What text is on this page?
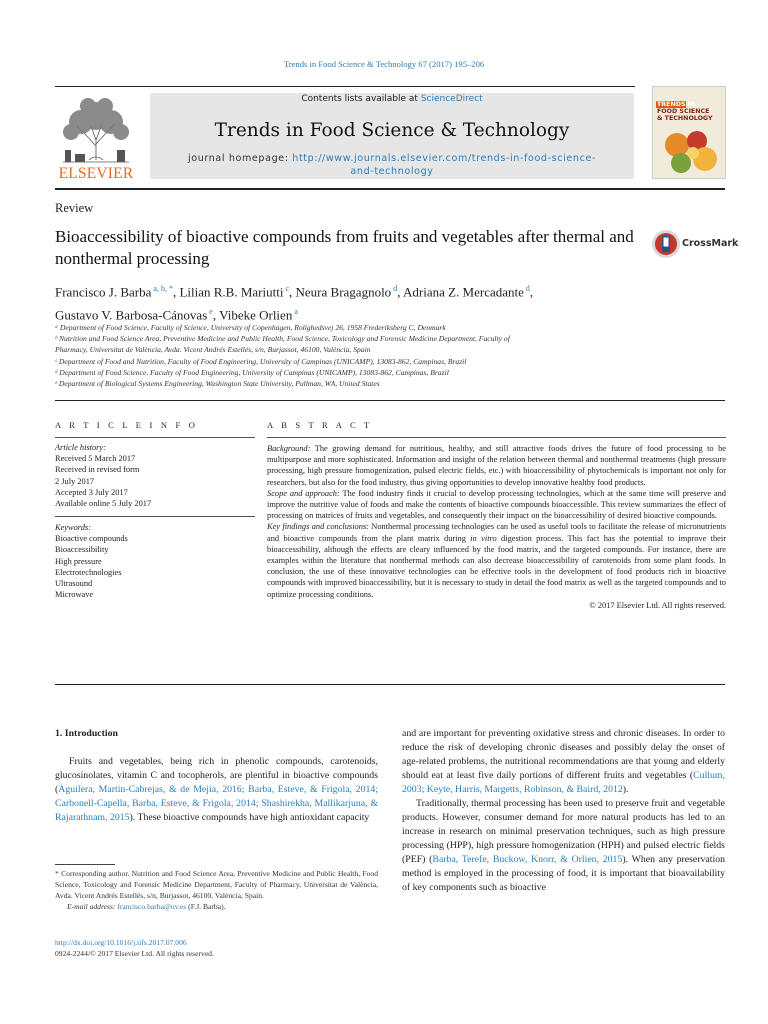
Trends in Food Science & Technology 67 (2017) 195–206
ELSEVIER
Contents lists available at ScienceDirect
Trends in Food Science & Technology
journal homepage: http://www.journals.elsevier.com/trends-in-food-science-
and-technology
TRENDS IN
FOOD SCIENCE
& TECHNOLOGY
Review
Bioaccessibility of bioactive compounds from fruits and vegetables after thermal and nonthermal processing
CrossMark
Francisco J. Barba $^{a, b, *}$, Lilian R.B. Mariutti $^c$, Neura Bragagnolo $^d$, Adriana Z. Mercadante $^d$,
Gustavo V. Barbosa-Cánovas $^e$, Vibeke Orlien $^a$
ᵃ Department of Food Science, Faculty of Science, University of Copenhagen, Rolighedsvej 26, 1958 Frederiksberg C, Denmark
ᵇ Nutrition and Food Science Area, Preventive Medicine and Public Health, Food Science, Toxicology and Forensic Medicine Department, Faculty of
Pharmacy, Universitat de València, Avda. Vicent Andrés Estellés, s/n, Burjassot, 46100, València, Spain
ᶜ Department of Food and Nutrition, Faculty of Food Engineering, University of Campinas (UNICAMP), 13083-862, Campinas, Brazil
ᵈ Department of Food Science, Faculty of Food Engineering, University of Campinas (UNICAMP), 13083-862, Campinas, Brazil
ᵉ Department of Biological Systems Engineering, Washington State University, Pullman, WA, United States
A R T I C L E I N F O	A B S T R A C T
Article history:
Received 5 March 2017
Received in revised form
2 July 2017
Accepted 3 July 2017
Available online 5 July 2017
Keywords:
Bioactive compounds
Bioaccessibility
High pressure
Electrotechnologies
Ultrasound
Microwave

Background: The growing demand for nutritious, healthy, and still attractive foods drives the future of food processing to be multipurpose and more sophisticated. Information and insight of the relation between thermal and nonthermal treatments (high pressure processing, high pressure homogenization, pulsed electric fields, etc.) with bioaccessibility of phytochemicals is important not only for researchers, but also for the food industry, thus giving opportunities to develop innovative healthy food products.

Scope and approach: The food industry finds it crucial to develop processing technologies, which at the same time will preserve and improve the nutritive value of foods and make the contents of bioactive compounds bioaccessible. This review summarizes the effect of processing on matrices of fruits and vegetables, and consequently their impact on the bioaccessibility of desired bioactive compounds.

Key findings and conclusions: Nonthermal processing technologies can be used as useful tools to facilitate the release of micronutrients and bioactive compounds from the plant matrix during in vitro digestion process. This fact has the potential to improve their bioaccessibility, although the effects are cleary influenced by the food matrix, and the targeted compounds. For instance, there are examples within the literature that nonthermal methods can also decrease bioaccessibility of carotenoids from some plant foods. In conclusion, the use of these innovative technologies can be effective tools in the development of food products rich in bioactive compounds with improved bioaccessibility, but it is necessary to study in detail the food matrix as well as the targeted compounds and to optimize processing conditions.

© 2017 Elsevier Ltd. All rights reserved.

1. Introduction

Fruits and vegetables, being rich in phenolic compounds, carotenoids, glucosinolates, vitamin C and tocopherols, are plentiful in bioactive compounds (Aguilera, Martin-Cabrejas, & de Mejia, 2016; Barba, Esteve, & Frigola, 2014; Carbonell-Capella, Barba, Esteve, & Frigola, 2014; Shashirekha, Mallikarjuna, & Rajarathnam, 2015). These bioactive compounds have high antioxidant capacity

* Corresponding author. Nutrition and Food Science Area, Preventive Medicine and Public Health, Food Science, Toxicology and Forensic Medicine Department, Faculty of Pharmacy, Universitat de València, Avda. Vicent Andrés Estellés, s/n, Burjassot, 46100, València, Spain.

E-mail address: francisco.barba@uv.es (F.J. Barba).

http://dx.doi.org/10.1016/j.tifs.2017.07.006
0924-2244/© 2017 Elsevier Ltd. All rights reserved.

and are important for preventing oxidative stress and chronic diseases. In order to reduce the risk of developing chronic diseases and possibly delay the onset of age-related problems, the nutritional recommendations are that young and elderly should eat at least five daily portions of different fruits and vegetables (Cullum, 2003; Keyte, Harris, Margetts, Robinson, & Baird, 2012).

Traditionally, thermal processing has been used to preserve fruit and vegetable products. However, consumer demand for more natural products has led to an increase in research on minimal preservation techniques, such as high pressure processing (HPP), high pressure homogenization (HPH) and pulsed electric fields (PEF) (Barba, Terefe, Buckow, Knorr, & Orlien, 2015). When any preservation method is employed in the processing of food, it is important that bioavailability of key components such as bioactive
